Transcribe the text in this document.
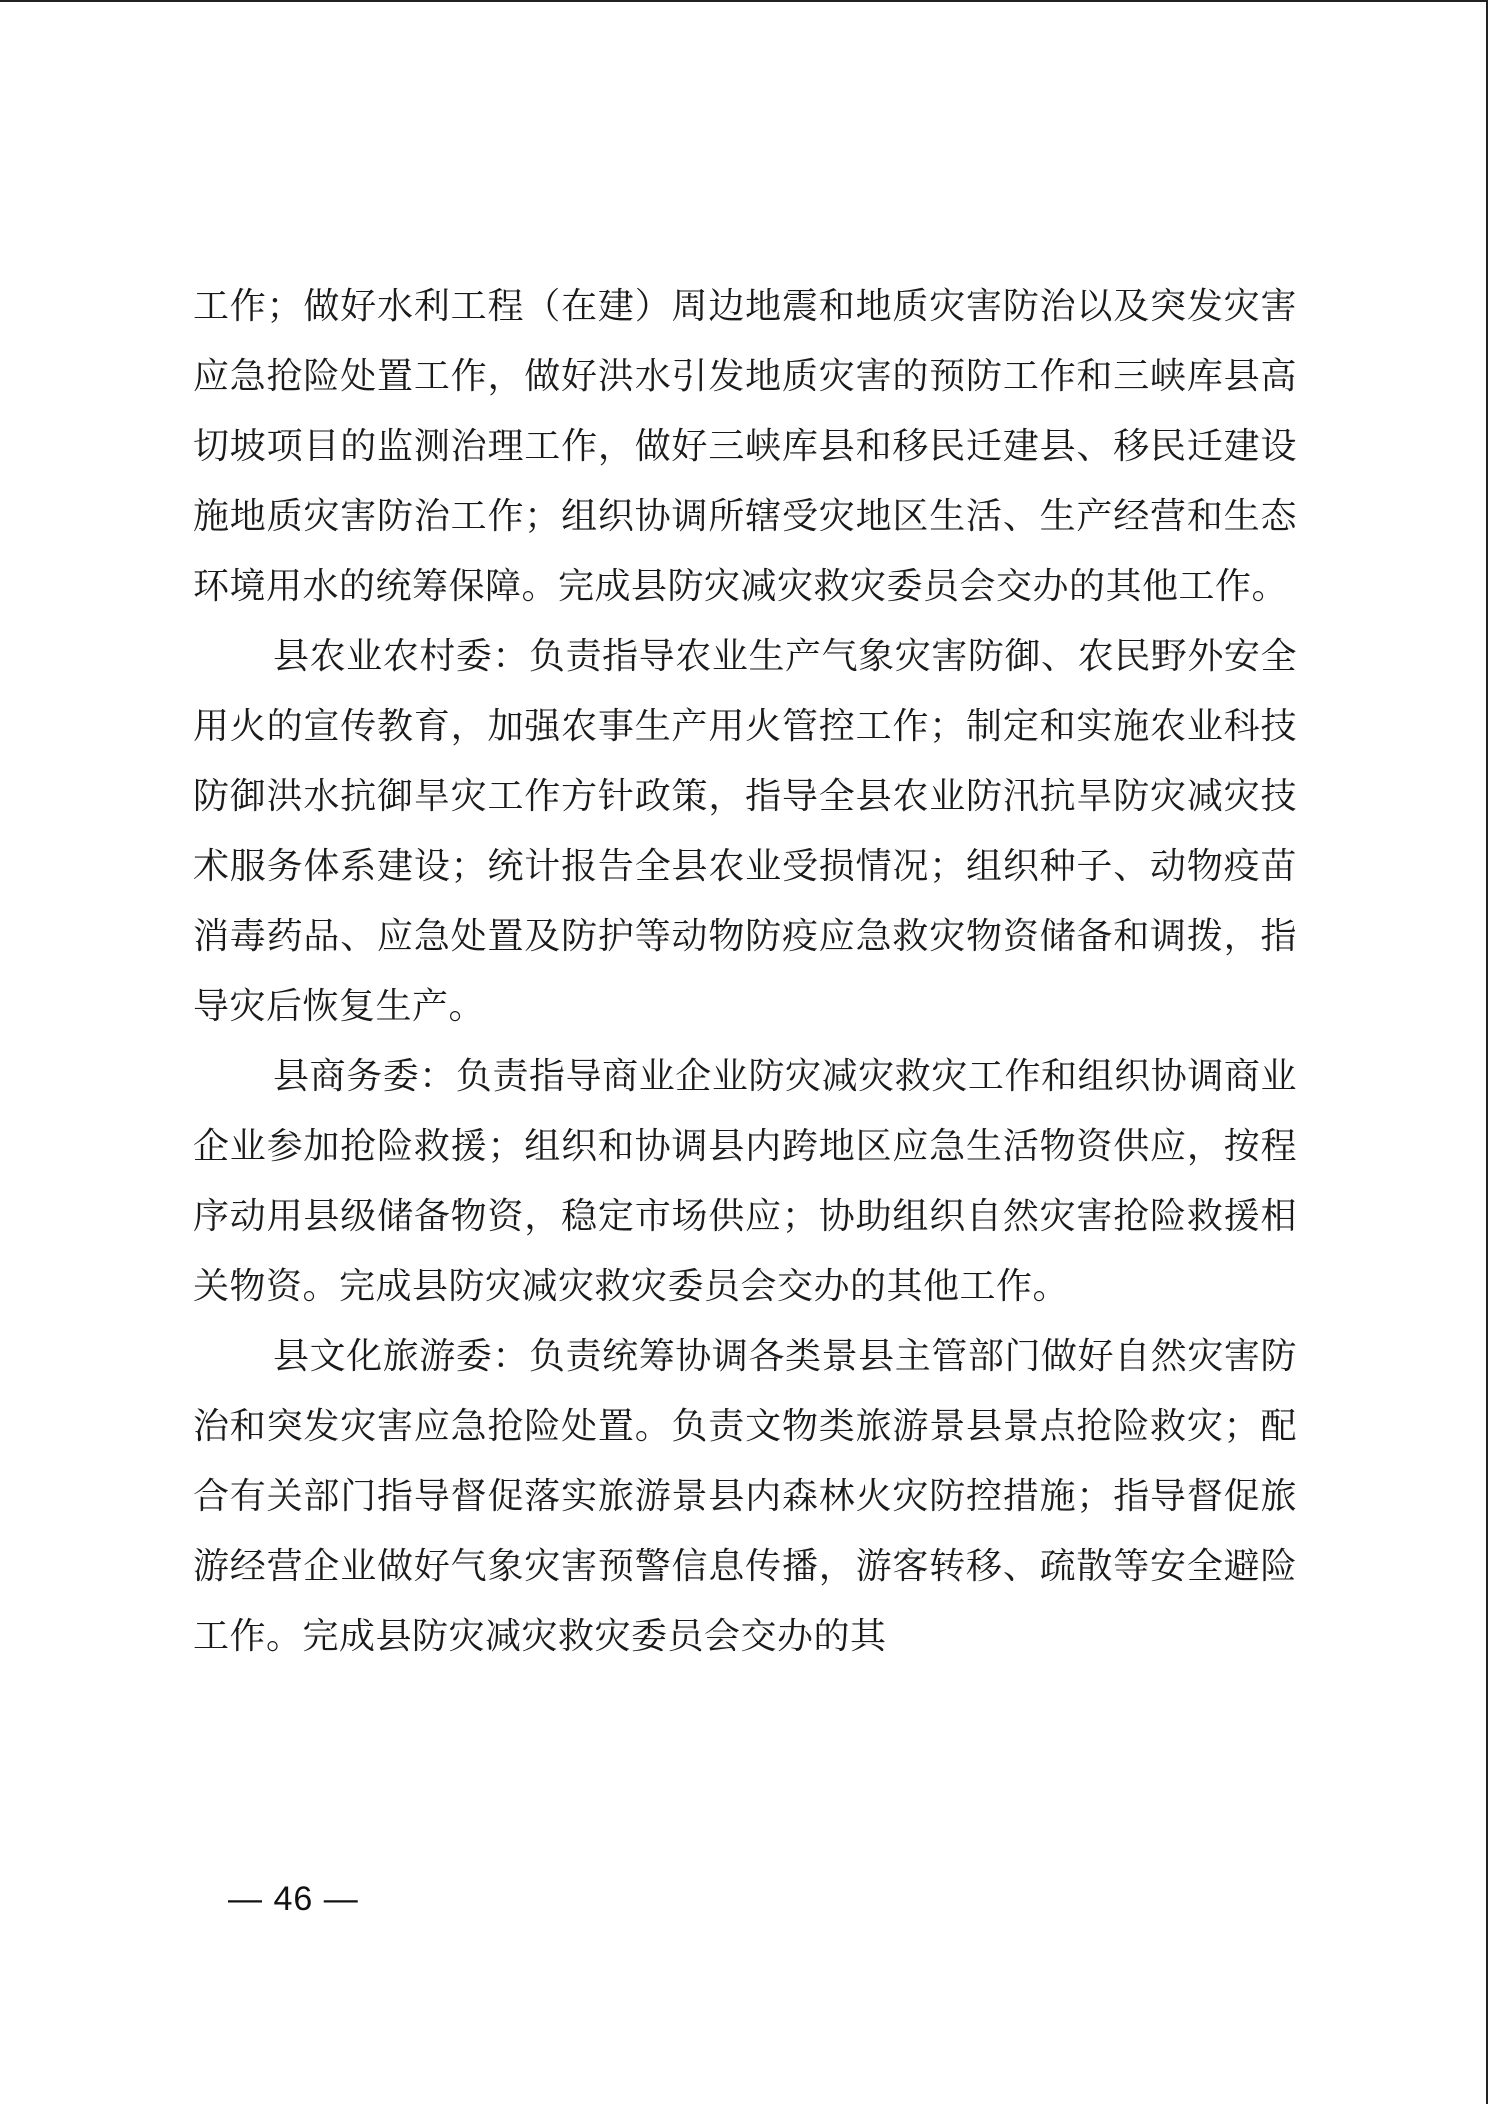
工作；做好水利工程（在建）周边地震和地质灾害防治以及突发灾害应急抢险处置工作，做好洪水引发地质灾害的预防工作和三峡库县高切坡项目的监测治理工作，做好三峡库县和移民迁建县、移民迁建设施地质灾害防治工作；组织协调所辖受灾地区生活、生产经营和生态环境用水的统筹保障。完成县防灾减灾救灾委员会交办的其他工作。

县农业农村委：负责指导农业生产气象灾害防御、农民野外安全用火的宣传教育，加强农事生产用火管控工作；制定和实施农业科技防御洪水抗御旱灾工作方针政策，指导全县农业防汛抗旱防灾减灾技术服务体系建设；统计报告全县农业受损情况；组织种子、动物疫苗消毒药品、应急处置及防护等动物防疫应急救灾物资储备和调拨，指导灾后恢复生产。

县商务委：负责指导商业企业防灾减灾救灾工作和组织协调商业企业参加抢险救援；组织和协调县内跨地区应急生活物资供应，按程序动用县级储备物资，稳定市场供应；协助组织自然灾害抢险救援相关物资。完成县防灾减灾救灾委员会交办的其他工作。

县文化旅游委：负责统筹协调各类景县主管部门做好自然灾害防治和突发灾害应急抢险处置。负责文物类旅游景县景点抢险救灾；配合有关部门指导督促落实旅游景县内森林火灾防控措施；指导督促旅游经营企业做好气象灾害预警信息传播，游客转移、疏散等安全避险工作。完成县防灾减灾救灾委员会交办的其

— 46 —
